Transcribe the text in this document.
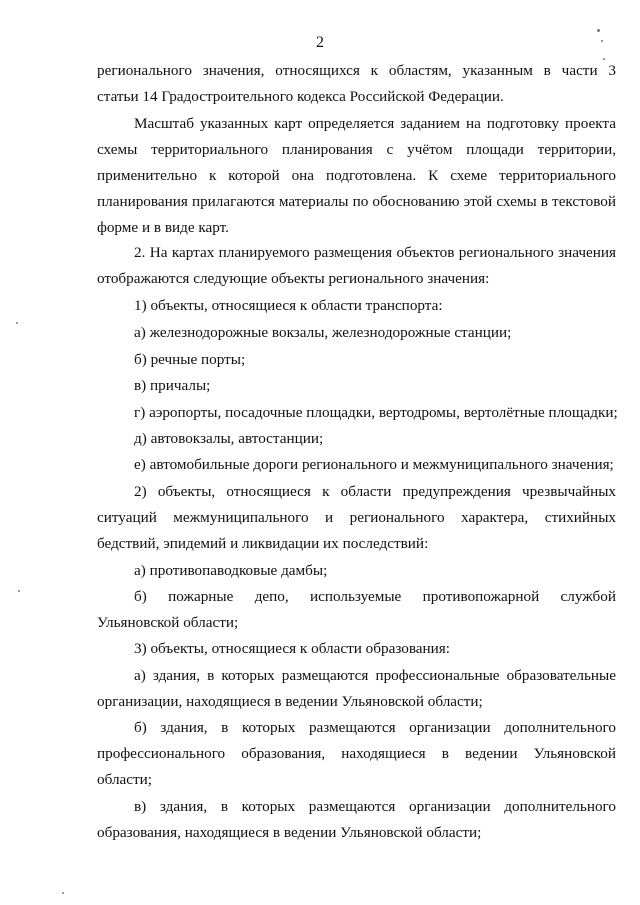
2
регионального значения, относящихся к областям, указанным в части 3
статьи 14 Градостроительного кодекса Российской Федерации.
Масштаб указанных карт определяется заданием на подготовку проекта
схемы территориального планирования с учётом площади территории,
применительно к которой она подготовлена. К схеме территориального
планирования прилагаются материалы по обоснованию этой схемы в текстовой
форме и в виде карт.
2. На картах планируемого размещения объектов регионального значения
отображаются следующие объекты регионального значения:
1) объекты, относящиеся к области транспорта:
а) железнодорожные вокзалы, железнодорожные станции;
б) речные порты;
в) причалы;
г) аэропорты, посадочные площадки, вертодромы, вертолётные площадки;
д) автовокзалы, автостанции;
е) автомобильные дороги регионального и межмуниципального значения;
2) объекты, относящиеся к области предупреждения чрезвычайных
ситуаций межмуниципального и регионального характера, стихийных
бедствий, эпидемий и ликвидации их последствий:
а) противопаводковые дамбы;
б) пожарные депо, используемые противопожарной службой
Ульяновской области;
3) объекты, относящиеся к области образования:
а) здания, в которых размещаются профессиональные образовательные
организации, находящиеся в ведении Ульяновской области;
б) здания, в которых размещаются организации дополнительного
профессионального образования, находящиеся в ведении Ульяновской
области;
в) здания, в которых размещаются организации дополнительного
образования, находящиеся в ведении Ульяновской области;
